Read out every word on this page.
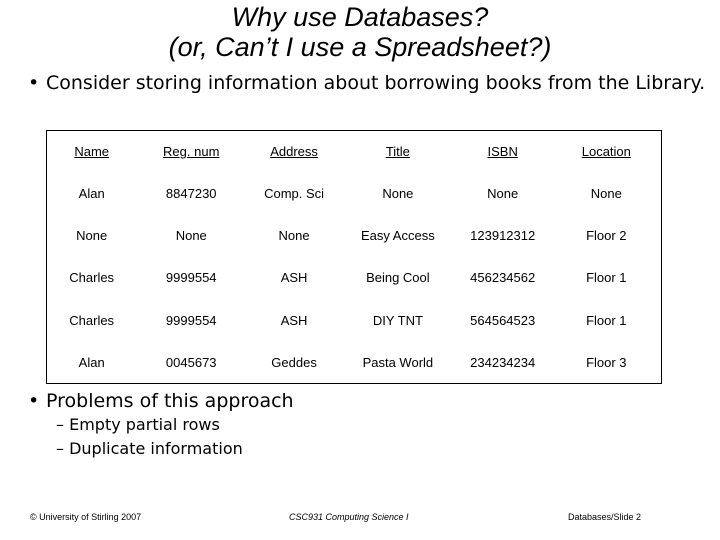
Why use Databases?
(or, Can’t I use a Spreadsheet?)
• Consider storing information about borrowing books from the Library.
Name	Reg. num	Address	Title	ISBN	Location
Alan	8847230	Comp. Sci	None	None	None
None	None	None	Easy Access	123912312	Floor 2
Charles	9999554	ASH	Being Cool	456234562	Floor 1
Charles	9999554	ASH	DIY TNT	564564523	Floor 1
Alan	0045673	Geddes	Pasta World	234234234	Floor 3
• Problems of this approach
– Empty partial rows
– Duplicate information
© University of Stirling 2007	CSC931 Computing Science I	Databases/Slide 2
